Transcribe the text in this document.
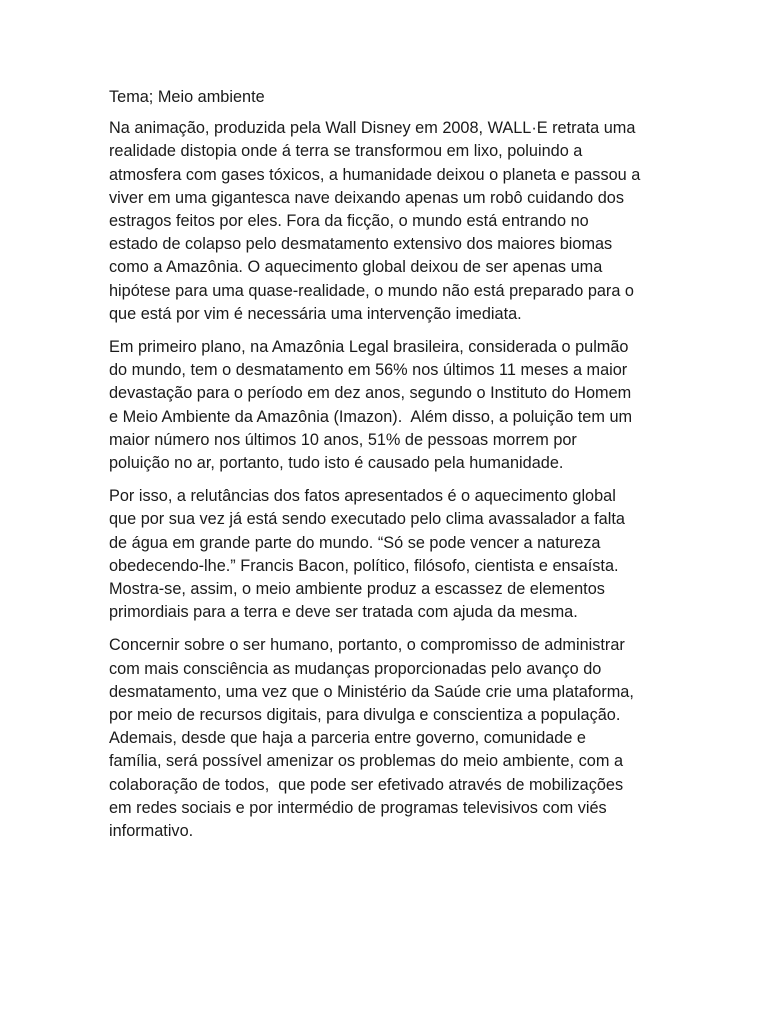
Tema; Meio ambiente

Na animação, produzida pela Wall Disney em 2008, WALL·E retrata uma
realidade distopia onde á terra se transformou em lixo, poluindo a
atmosfera com gases tóxicos, a humanidade deixou o planeta e passou a
viver em uma gigantesca nave deixando apenas um robô cuidando dos
estragos feitos por eles. Fora da ficção, o mundo está entrando no
estado de colapso pelo desmatamento extensivo dos maiores biomas
como a Amazônia. O aquecimento global deixou de ser apenas uma
hipótese para uma quase-realidade, o mundo não está preparado para o
que está por vim é necessária uma intervenção imediata.

Em primeiro plano, na Amazônia Legal brasileira, considerada o pulmão
do mundo, tem o desmatamento em 56% nos últimos 11 meses a maior
devastação para o período em dez anos, segundo o Instituto do Homem
e Meio Ambiente da Amazônia (Imazon).  Além disso, a poluição tem um
maior número nos últimos 10 anos, 51% de pessoas morrem por
poluição no ar, portanto, tudo isto é causado pela humanidade.

Por isso, a relutâncias dos fatos apresentados é o aquecimento global
que por sua vez já está sendo executado pelo clima avassalador a falta
de água em grande parte do mundo. “Só se pode vencer a natureza
obedecendo-lhe.” Francis Bacon, político, filósofo, cientista e ensaísta.
Mostra-se, assim, o meio ambiente produz a escassez de elementos
primordiais para a terra e deve ser tratada com ajuda da mesma.

Concernir sobre o ser humano, portanto, o compromisso de administrar
com mais consciência as mudanças proporcionadas pelo avanço do
desmatamento, uma vez que o Ministério da Saúde crie uma plataforma,
por meio de recursos digitais, para divulga e conscientiza a população.
Ademais, desde que haja a parceria entre governo, comunidade e
família, será possível amenizar os problemas do meio ambiente, com a
colaboração de todos,  que pode ser efetivado através de mobilizações
em redes sociais e por intermédio de programas televisivos com viés
informativo.
